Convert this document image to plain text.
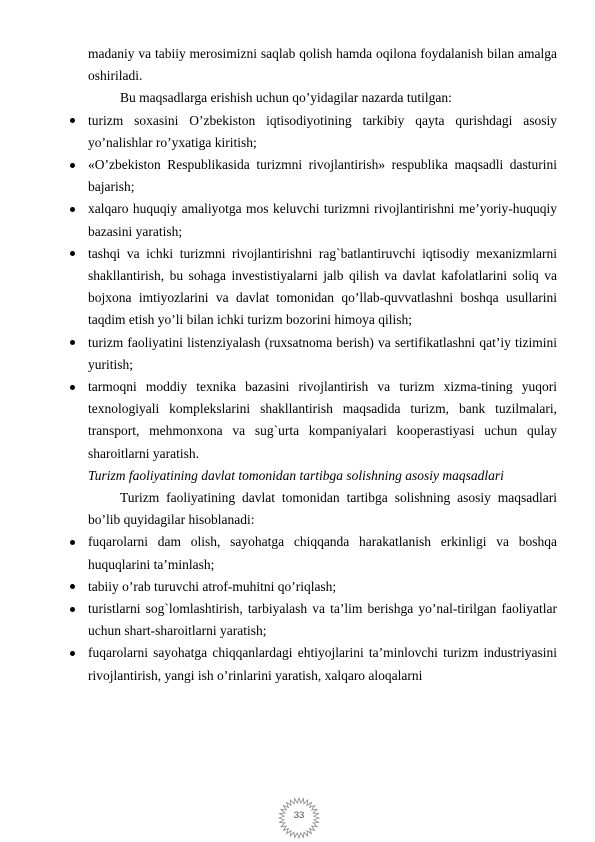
madaniy va tabiiy merosimizni saqlab qolish hamda oqilona foydalanish bilan amalga oshiriladi.

Bu maqsadlarga erishish uchun qo’yidagilar nazarda tutilgan:

turizm soxasini O’zbekiston iqtisodiyotining tarkibiy qayta qurishdagi asosiy yo’nalishlar ro’yxatiga kiritish;
«O’zbekiston Respublikasida turizmni rivojlantirish» respublika maqsadli dasturini bajarish;
xalqaro huquqiy amaliyotga mos keluvchi turizmni rivojlantirishni me’yoriy-huquqiy bazasini yaratish;
tashqi va ichki turizmni rivojlantirishni rag`batlantiruvchi iqtisodiy mexanizmlarni shakllantirish, bu sohaga investistiyalarni jalb qilish va davlat kafolatlarini soliq va bojxona imtiyozlarini va davlat tomonidan qo’llab-quvvatlashni boshqa usullarini taqdim etish yo’li bilan ichki turizm bozorini himoya qilish;
turizm faoliyatini listenziyalash (ruxsatnoma berish) va sertifikatlashni qat’iy tizimini yuritish;
tarmoqni moddiy texnika bazasini rivojlantirish va turizm xizma-tining yuqori texnologiyali komplekslarini shakllantirish maqsadida turizm, bank tuzilmalari, transport, mehmonxona va sug`urta kompaniyalari kooperastiyasi uchun qulay sharoitlarni yaratish.

Turizm faoliyatining davlat tomonidan tartibga solishning asosiy maqsadlari

Turizm faoliyatining davlat tomonidan tartibga solishning asosiy maqsadlari bo’lib quyidagilar hisoblanadi:

fuqarolarni dam olish, sayohatga chiqqanda harakatlanish erkinligi va boshqa huquqlarini ta’minlash;
tabiiy o’rab turuvchi atrof-muhitni qo’riqlash;
turistlarni sog`lomlashtirish, tarbiyalash va ta’lim berishga yo’nal-tirilgan faoliyatlar uchun shart-sharoitlarni yaratish;
fuqarolarni sayohatga chiqqanlardagi ehtiyojlarini ta’minlovchi turizm industriyasini rivojlantirish, yangi ish o’rinlarini yaratish, xalqaro aloqalarni
33
